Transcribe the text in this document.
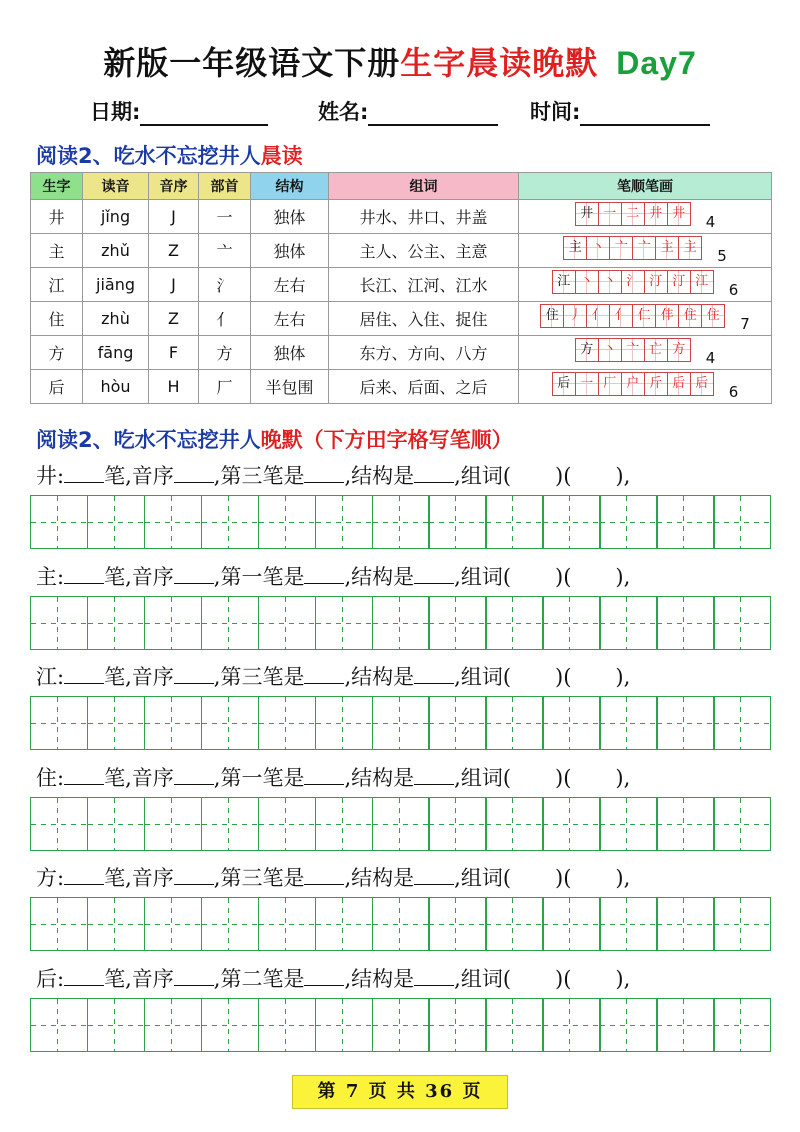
新版一年级语文下册生字晨读晚默 Day7
日期:	姓名:	时间:
阅读2、吃水不忘挖井人晨读
生字	读音	音序	部首	结构	组词	笔顺笔画
井	jǐng	J	一	独体	井水、井口、井盖	井 一 二 井 井 4
主	zhǔ	Z	亠	独体	主人、公主、主意	主 丶 亠 亠 主 主 5
江	jiāng	J	氵	左右	长江、江河、江水	江 丶 丶 氵 汀 汀 江 6
住	zhù	Z	亻	左右	居住、入住、捉住	住 丿 亻 亻 仁 仹 住 住 7
方	fāng	F	方	独体	东方、方向、八方	方 丶 亠 亡 方 4
后	hòu	H	厂	半包围	后来、后面、之后	后 一 厂 户 斤 后 后 6
阅读2、吃水不忘挖井人晚默（下方田字格写笔顺）
井: 笔,音序 ,第三笔是 ,结构是 ,组词( )( ),
主: 笔,音序 ,第一笔是 ,结构是 ,组词( )( ),
江: 笔,音序 ,第三笔是 ,结构是 ,组词( )( ),
住: 笔,音序 ,第一笔是 ,结构是 ,组词( )( ),
方: 笔,音序 ,第三笔是 ,结构是 ,组词( )( ),
后: 笔,音序 ,第二笔是 ,结构是 ,组词( )( ),
第 7 页 共 36 页
